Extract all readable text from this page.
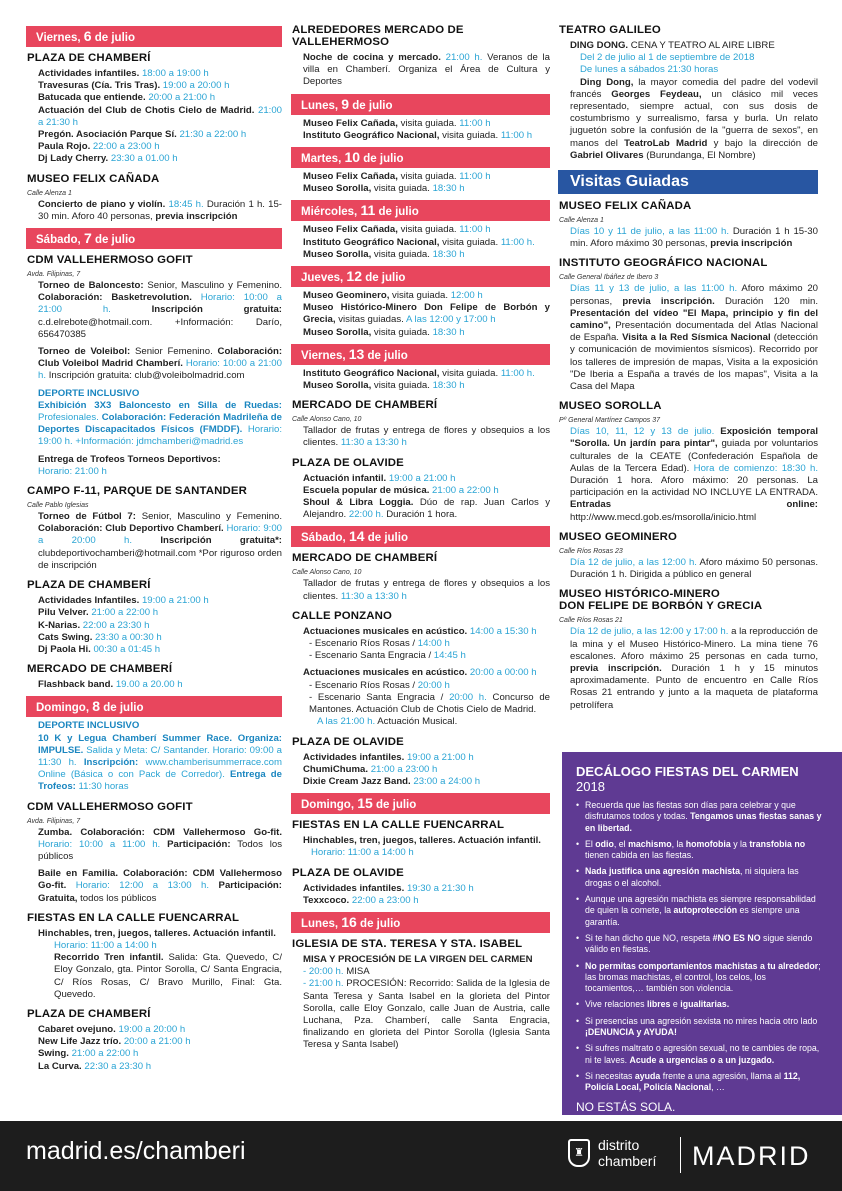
Viernes, 6 de julio
PLAZA DE CHAMBERÍ
Actividades infantiles. 18:00 a 19:00 h
Travesuras (Cía. Tris Tras). 19:00 a 20:00 h
Batucada que entiende. 20:00 a 21:00 h
Actuación del Club de Chotis Cielo de Madrid. 21:00 a 21:30 h
Pregón. Asociación Parque Sí. 21:30 a 22:00 h
Paula Rojo. 22:00 a 23:00 h
Dj Lady Cherry. 23:30 a 01.00 h
MUSEO FELIX CAÑADA
Calle Alenza 1
Concierto de piano y violín. 18:45 h. Duración 1 h. 15-30 min. Aforo 40 personas, previa inscripción
Sábado, 7 de julio
CDM VALLEHERMOSO GOFIT
Avda. Filipinas, 7
Torneo de Baloncesto: Senior, Masculino y Femenino. Colaboración: Basketrevolution. Horario: 10:00 a 21:00 h.	Inscripción gratuita: c.d.elrebote@hotmail.com. +Información: Darío, 656470385
Torneo de Voleibol: Senior Femenino. Colaboración: Club Voleibol Madrid Chamberí. Horario: 10:00 a 21:00 h. Inscripción gratuita: club@voleibolmadrid.com
DEPORTE INCLUSIVO
Exhibición 3X3 Baloncesto en Silla de Ruedas: Profesionales. Colaboración: Federación Madrileña de Deportes Discapacitados Físicos (FMDDF). Horario: 19:00 h. +Información: jdmchamberi@madrid.es
Entrega de Trofeos Torneos Deportivos:
Horario: 21:00 h
CAMPO F-11, PARQUE DE SANTANDER
Calle Pablo Iglesias
Torneo de Fútbol 7: Senior, Masculino y Femenino. Colaboración: Club Deportivo Chamberí. Horario: 9:00 a 20:00 h.	Inscripción gratuita*: clubdeportivochamberi@hotmail.com *Por riguroso orden de inscripción
PLAZA DE CHAMBERÍ
Actividades Infantiles. 19:00 a 21:00 h
Pilu Velver. 21:00 a 22:00 h
K-Narias. 22:00 a 23:30 h
Cats Swing. 23:30 a 00:30 h
Dj Paola Hi. 00:30 a 01:45 h
MERCADO DE CHAMBERÍ
Flashback band. 19.00 a 20.00 h
Domingo, 8 de julio
DEPORTE INCLUSIVO
10 K y Legua Chamberí Summer Race. Organiza: IMPULSE. Salida y Meta: C/ Santander. Horario: 09:00 a 11:30 h. Inscripción: www.chamberisummerrace.com Online (Básica o con Pack de Corredor). Entrega de Trofeos: 11:30 horas
CDM VALLEHERMOSO GOFIT
Avda. Filipinas, 7
Zumba. Colaboración: CDM Vallehermoso Go-fit. Horario: 10:00 a 11:00 h. Participación: Todos los públicos
Baile en Familia. Colaboración: CDM Vallehermoso Go-fit. Horario: 12:00 a 13:00 h. Participación: Gratuita, todos los públicos
FIESTAS EN LA CALLE FUENCARRAL
Hinchables, tren, juegos, talleres. Actuación infantil.
Horario: 11:00 a 14:00 h
Recorrido Tren infantil. Salida: Gta. Quevedo, C/ Eloy Gonzalo, gta. Pintor Sorolla, C/ Santa Engracia, C/ Ríos Rosas, C/ Bravo Murillo, Final: Gta. Quevedo.
PLAZA DE CHAMBERÍ
Cabaret ovejuno. 19:00 a 20:00 h
New Life Jazz trío. 20:00 a 21:00 h
Swing. 21:00 a 22:00 h
La Curva. 22:30 a 23:30 h
ALREDEDORES MERCADO DE VALLEHERMOSO
Noche de cocina y mercado. 21:00 h. Veranos de la villa en Chamberí. Organiza el Área de Cultura y Deportes
Lunes, 9 de julio
Museo Felix Cañada, visita guiada. 11:00 h
Instituto Geográfico Nacional, visita guiada. 11:00 h
Martes, 10 de julio
Museo Felix Cañada, visita guiada. 11:00 h
Museo Sorolla, visita guiada. 18:30 h
Miércoles, 11 de julio
Museo Felix Cañada, visita guiada. 11:00 h
Instituto Geográfico Nacional, visita guiada. 11:00 h.
Museo Sorolla, visita guiada. 18:30 h
Jueves, 12 de julio
Museo Geominero, visita guiada. 12:00 h
Museo Histórico-Minero Don Felipe de Borbón y Grecia, visitas guiadas. A las 12:00 y 17:00 h
Museo Sorolla, visita guiada. 18:30 h
Viernes, 13 de julio
Instituto Geográfico Nacional, visita guiada. 11:00 h.
Museo Sorolla, visita guiada. 18:30 h
MERCADO DE CHAMBERÍ
Calle Alonso Cano, 10
Tallador de frutas y entrega de flores y obsequios a los clientes. 11:30 a 13:30 h
PLAZA DE OLAVIDE
Actuación infantil. 19:00 a 21:00 h
Escuela popular de música. 21:00 a 22:00 h
Shoul & Libra Loggia. Dúo de rap. Juan Carlos y Alejandro. 22:00 h. Duración 1 hora.
Sábado, 14 de julio
MERCADO DE CHAMBERÍ
Calle Alonso Cano, 10
Tallador de frutas y entrega de flores y obsequios a los clientes. 11:30 a 13:30 h
CALLE PONZANO
Actuaciones musicales en acústico. 14:00 a 15:30 h
- Escenario Ríos Rosas / 14:00 h
- Escenario Santa Engracia / 14:45 h
Actuaciones musicales en acústico. 20:00 a 00:00 h
- Escenario Ríos Rosas / 20:00 h
- Escenario Santa Engracia / 20:00 h. Concurso de Mantones. Actuación Club de Chotis Cielo de Madrid.
A las 21:00 h. Actuación Musical.
PLAZA DE OLAVIDE
Actividades infantiles. 19:00 a 21:00 h
ChumiChuma. 21:00 a 23:00 h
Dixie Cream Jazz Band. 23:00 a 24:00 h
Domingo, 15 de julio
FIESTAS EN LA CALLE FUENCARRAL
Hinchables, tren, juegos, talleres. Actuación infantil.
Horario: 11:00 a 14:00 h
PLAZA DE OLAVIDE
Actividades infantiles. 19:30 a 21:30 h
Texxcoco. 22:00 a 23:00 h
Lunes, 16 de julio
IGLESIA DE STA. TERESA Y STA. ISABEL
MISA Y PROCESIÓN DE LA VIRGEN DEL CARMEN
- 20:00 h. MISA
- 21:00 h. PROCESIÓN: Recorrido: Salida de la Iglesia de Santa Teresa y Santa Isabel en la glorieta del Pintor Sorolla, calle Eloy Gonzalo, calle Juan de Austria, calle Luchana, Pza. Chamberí, calle Santa Engracia, finalizando en glorieta del Pintor Sorolla (Iglesia Santa Teresa y Santa Isabel)
TEATRO GALILEO
DING DONG. CENA Y TEATRO AL AIRE LIBRE
Del 2 de julio al 1 de septiembre de 2018
De lunes a sábados 21:30 horas
Ding Dong, la mayor comedia del padre del vodevil francés Georges Feydeau, un clásico mil veces representado, siempre actual, con sus dosis de costumbrismo y surrealismo, farsa y burla. Un relato juguetón sobre la confusión de la "guerra de sexos", en manos del TeatroLab Madrid y bajo la dirección de Gabriel Olivares (Burundanga, El Nombre)
Visitas Guiadas
MUSEO FELIX CAÑADA
Calle Alenza 1
Días 10 y 11 de julio, a las 11:00 h. Duración 1 h 15-30 min. Aforo máximo 30 personas, previa inscripción
INSTITUTO GEOGRÁFICO NACIONAL
Calle General Ibáñez de Ibero 3
Días 11 y 13 de julio, a las 11:00 h. Aforo máximo 20 personas, previa inscripción. Duración 120 min. Presentación del vídeo "El Mapa, principio y fin del camino", Presentación documentada del Atlas Nacional de España. Visita a la Red Sísmica Nacional (detección y comunicación de movimientos sísmicos). Recorrido por los talleres de impresión de mapas, Visita a la exposición "De Iberia a España a través de los mapas", Visita a la Casa del Mapa
MUSEO SOROLLA
Pº General Martínez Campos 37
Días 10, 11, 12 y 13 de julio. Exposición temporal "Sorolla. Un jardín para pintar", guiada por voluntarios culturales de la CEATE (Confederación Española de Aulas de la Tercera Edad). Hora de comienzo: 18:30 h. Duración 1 hora. Aforo máximo: 20 personas. La participación en la actividad NO INCLUYE LA ENTRADA. Entradas online: http://www.mecd.gob.es/msorolla/inicio.html
MUSEO GEOMINERO
Calle Ríos Rosas 23
Día 12 de julio, a las 12:00 h. Aforo máximo 50 personas. Duración 1 h. Dirigida a público en general
MUSEO HISTÓRICO-MINERO
DON FELIPE DE BORBÓN Y GRECIA
Calle Ríos Rosas 21
Día 12 de julio, a las 12:00 y 17:00 h. a la reproducción de la mina y el Museo Histórico-Minero. La mina tiene 76 escalones. Aforo máximo 25 personas en cada turno, previa inscripción. Duración 1 h y 15 minutos aproximadamente. Punto de encuentro en Calle Ríos Rosas 21 entrando y junto a la maqueta de plataforma petrolífera
DECÁLOGO FIESTAS DEL CARMEN 2018
• Recuerda que las fiestas son días para celebrar y que disfrutamos todos y todas. Tengamos unas fiestas sanas y en libertad.
• El odio, el machismo, la homofobia y la transfobia no tienen cabida en las fiestas.
• Nada justifica una agresión machista, ni siquiera las drogas o el alcohol.
• Aunque una agresión machista es siempre responsabilidad de quien la comete, la autoprotección es siempre una garantía.
• Si te han dicho que NO, respeta #NO ES NO sigue siendo válido en fiestas.
• No permitas comportamientos machistas a tu alrededor; las bromas machistas, el control, los celos, los tocamientos,… también son violencia.
• Vive relaciones libres e igualitarias.
• Si presencias una agresión sexista no mires hacia otro lado ¡DENUNCIA y AYUDA!
• Si sufres maltrato o agresión sexual, no te cambies de ropa, ni te laves. Acude a urgencias o a un juzgado.
• Si necesitas ayuda frente a una agresión, llama al 112, Policía Local, Policía Nacional, …
NO ESTÁS SOLA.
madrid.es/chamberi	♜	distrito
chamberí MADRID
